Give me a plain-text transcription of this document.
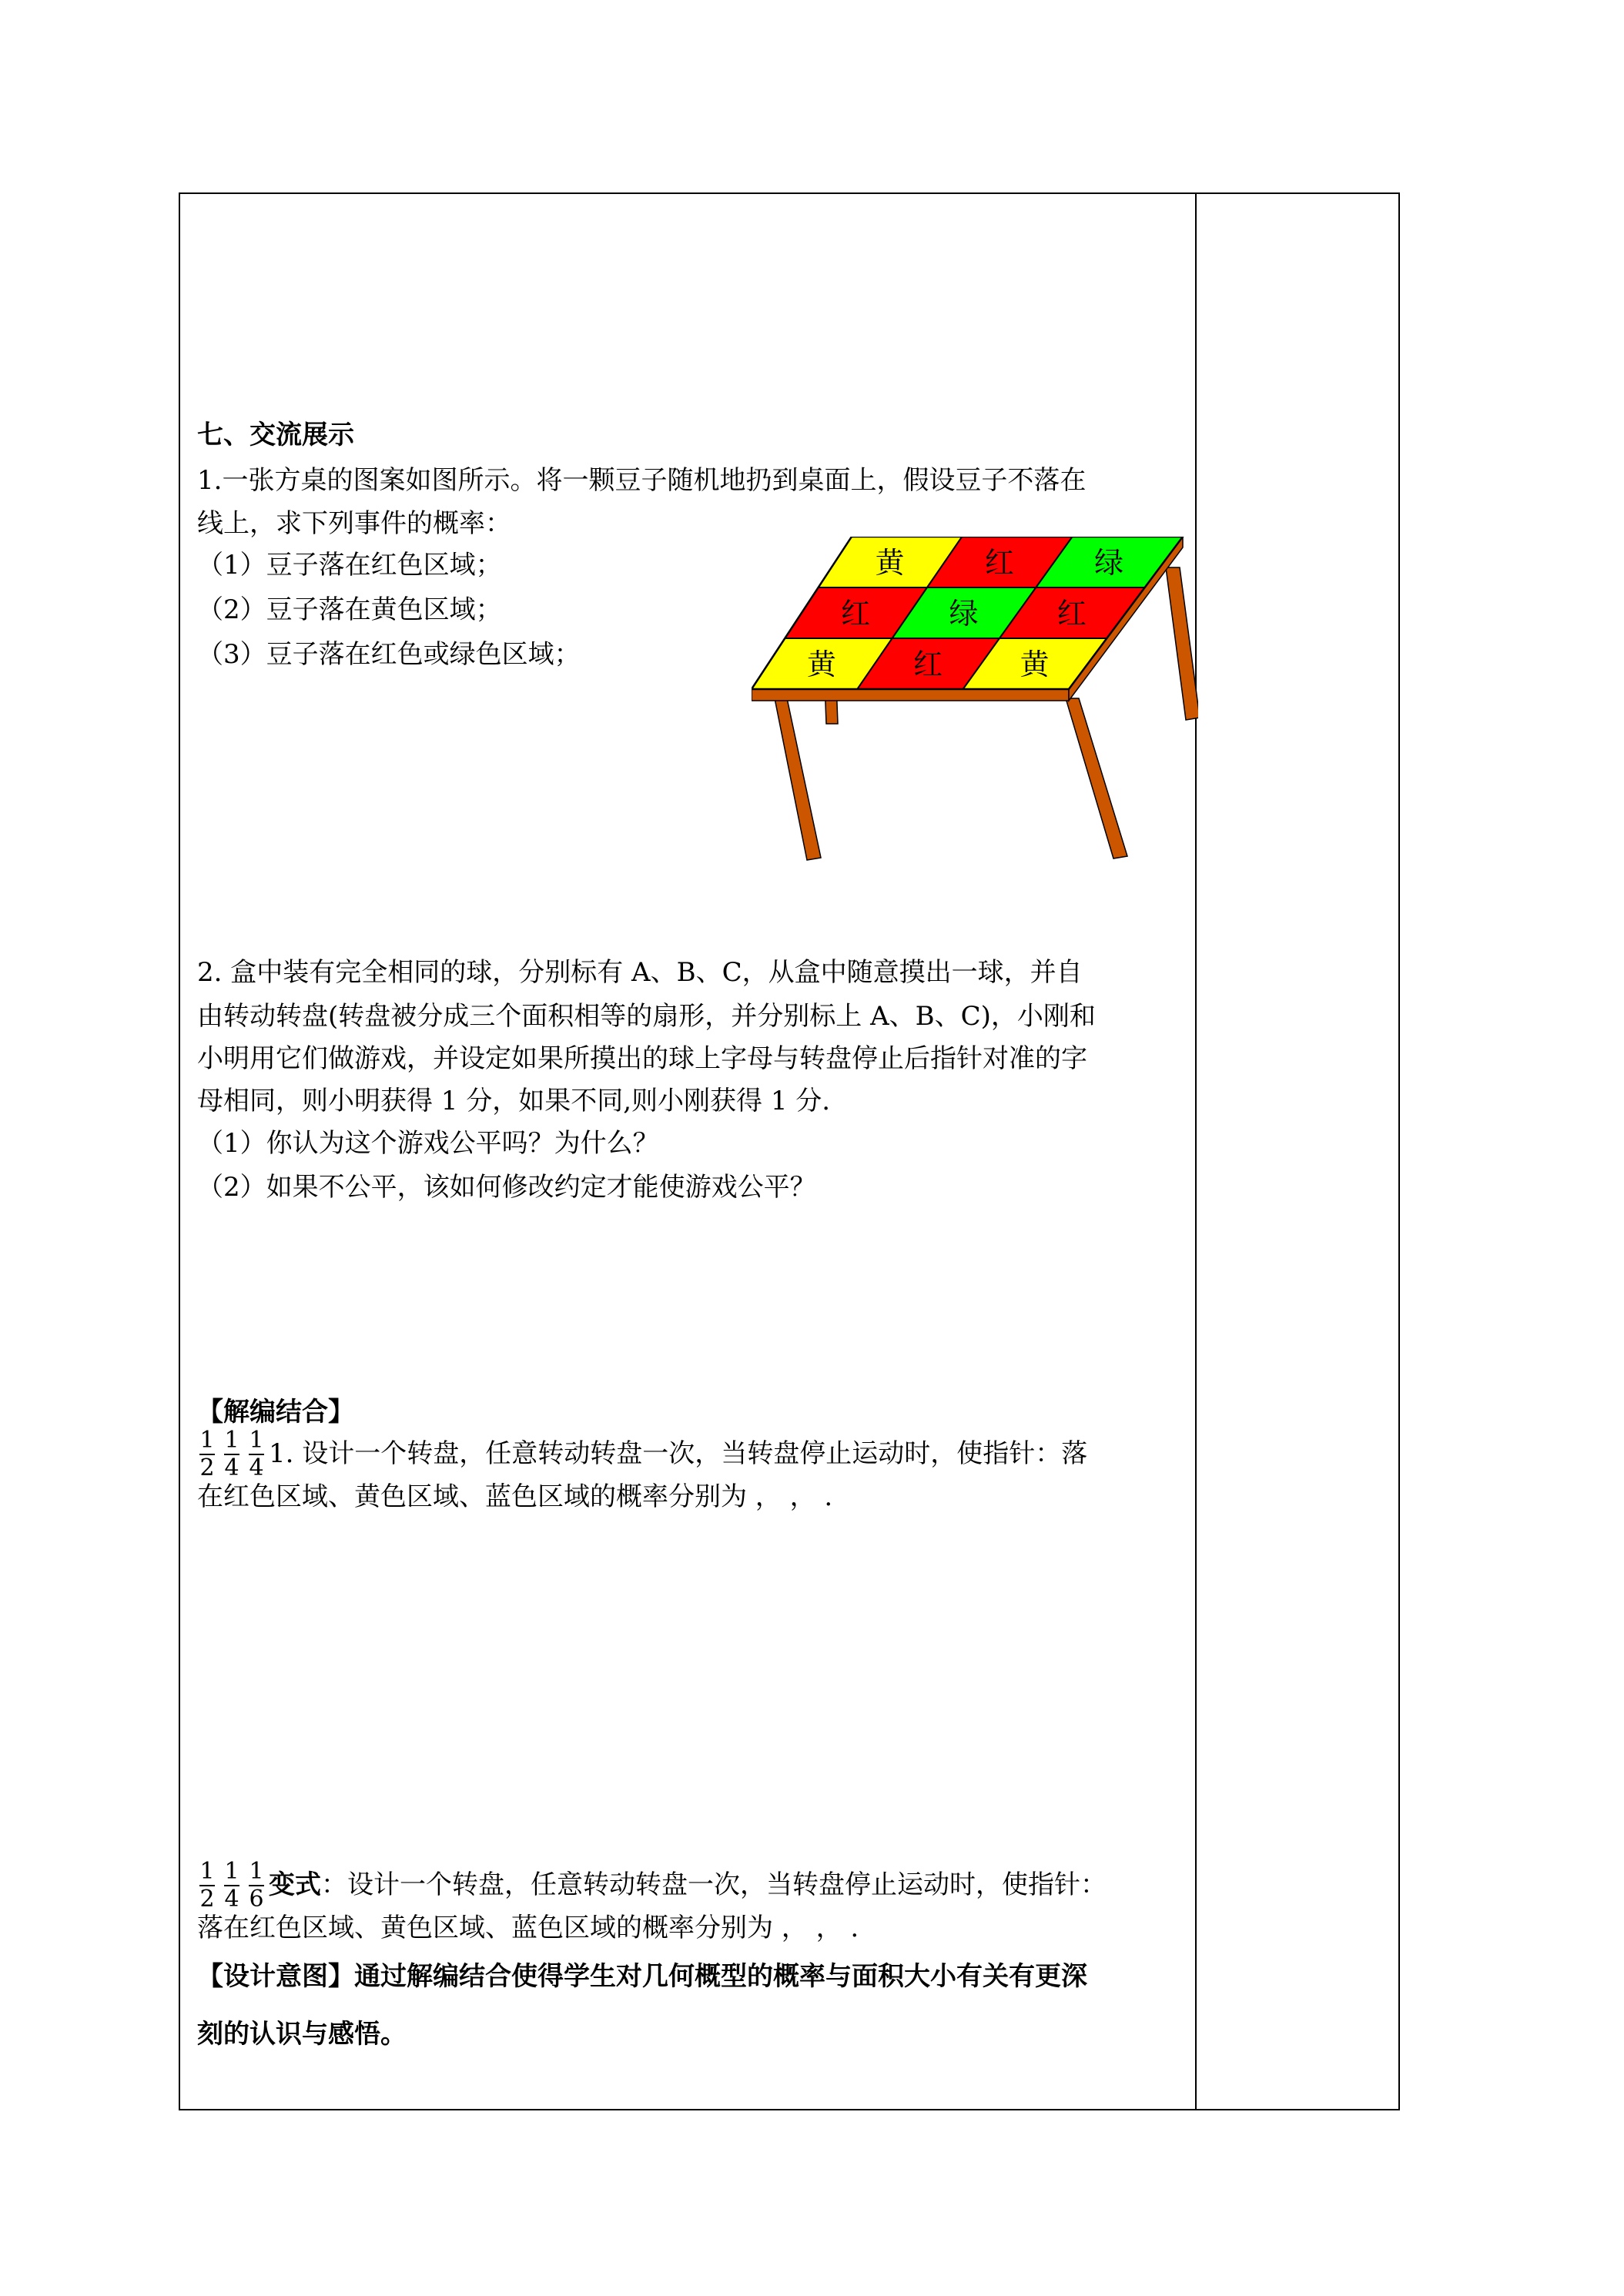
七、交流展示
1.一张方桌的图案如图所示。将一颗豆子随机地扔到桌面上，假设豆子不落在
线上，求下列事件的概率：
（1）豆子落在红色区域；
（2）豆子落在黄色区域；
（3）豆子落在红色或绿色区域；
黄	红	绿
红	绿	红
黄	红	黄
2. 盒中装有完全相同的球，分别标有 A、B、C，从盒中随意摸出一球，并自
由转动转盘(转盘被分成三个面积相等的扇形，并分别标上 A、B、C)，小刚和
小明用它们做游戏，并设定如果所摸出的球上字母与转盘停止后指针对准的字
母相同，则小明获得 1 分，如果不同,则小刚获得 1 分.
（1）你认为这个游戏公平吗？为什么？
（2）如果不公平，该如何修改约定才能使游戏公平？
【解编结合】
1
2
1
4
1
4 1. 设计一个转盘，任意转动转盘一次，当转盘停止运动时，使指针：落
在红色区域、黄色区域、蓝色区域的概率分别为 ， ， .
1
2
1
4
1
6 变式：设计一个转盘，任意转动转盘一次，当转盘停止运动时，使指针：
落在红色区域、黄色区域、蓝色区域的概率分别为 ， ， .
【设计意图】通过解编结合使得学生对几何概型的概率与面积大小有关有更深
刻的认识与感悟。
